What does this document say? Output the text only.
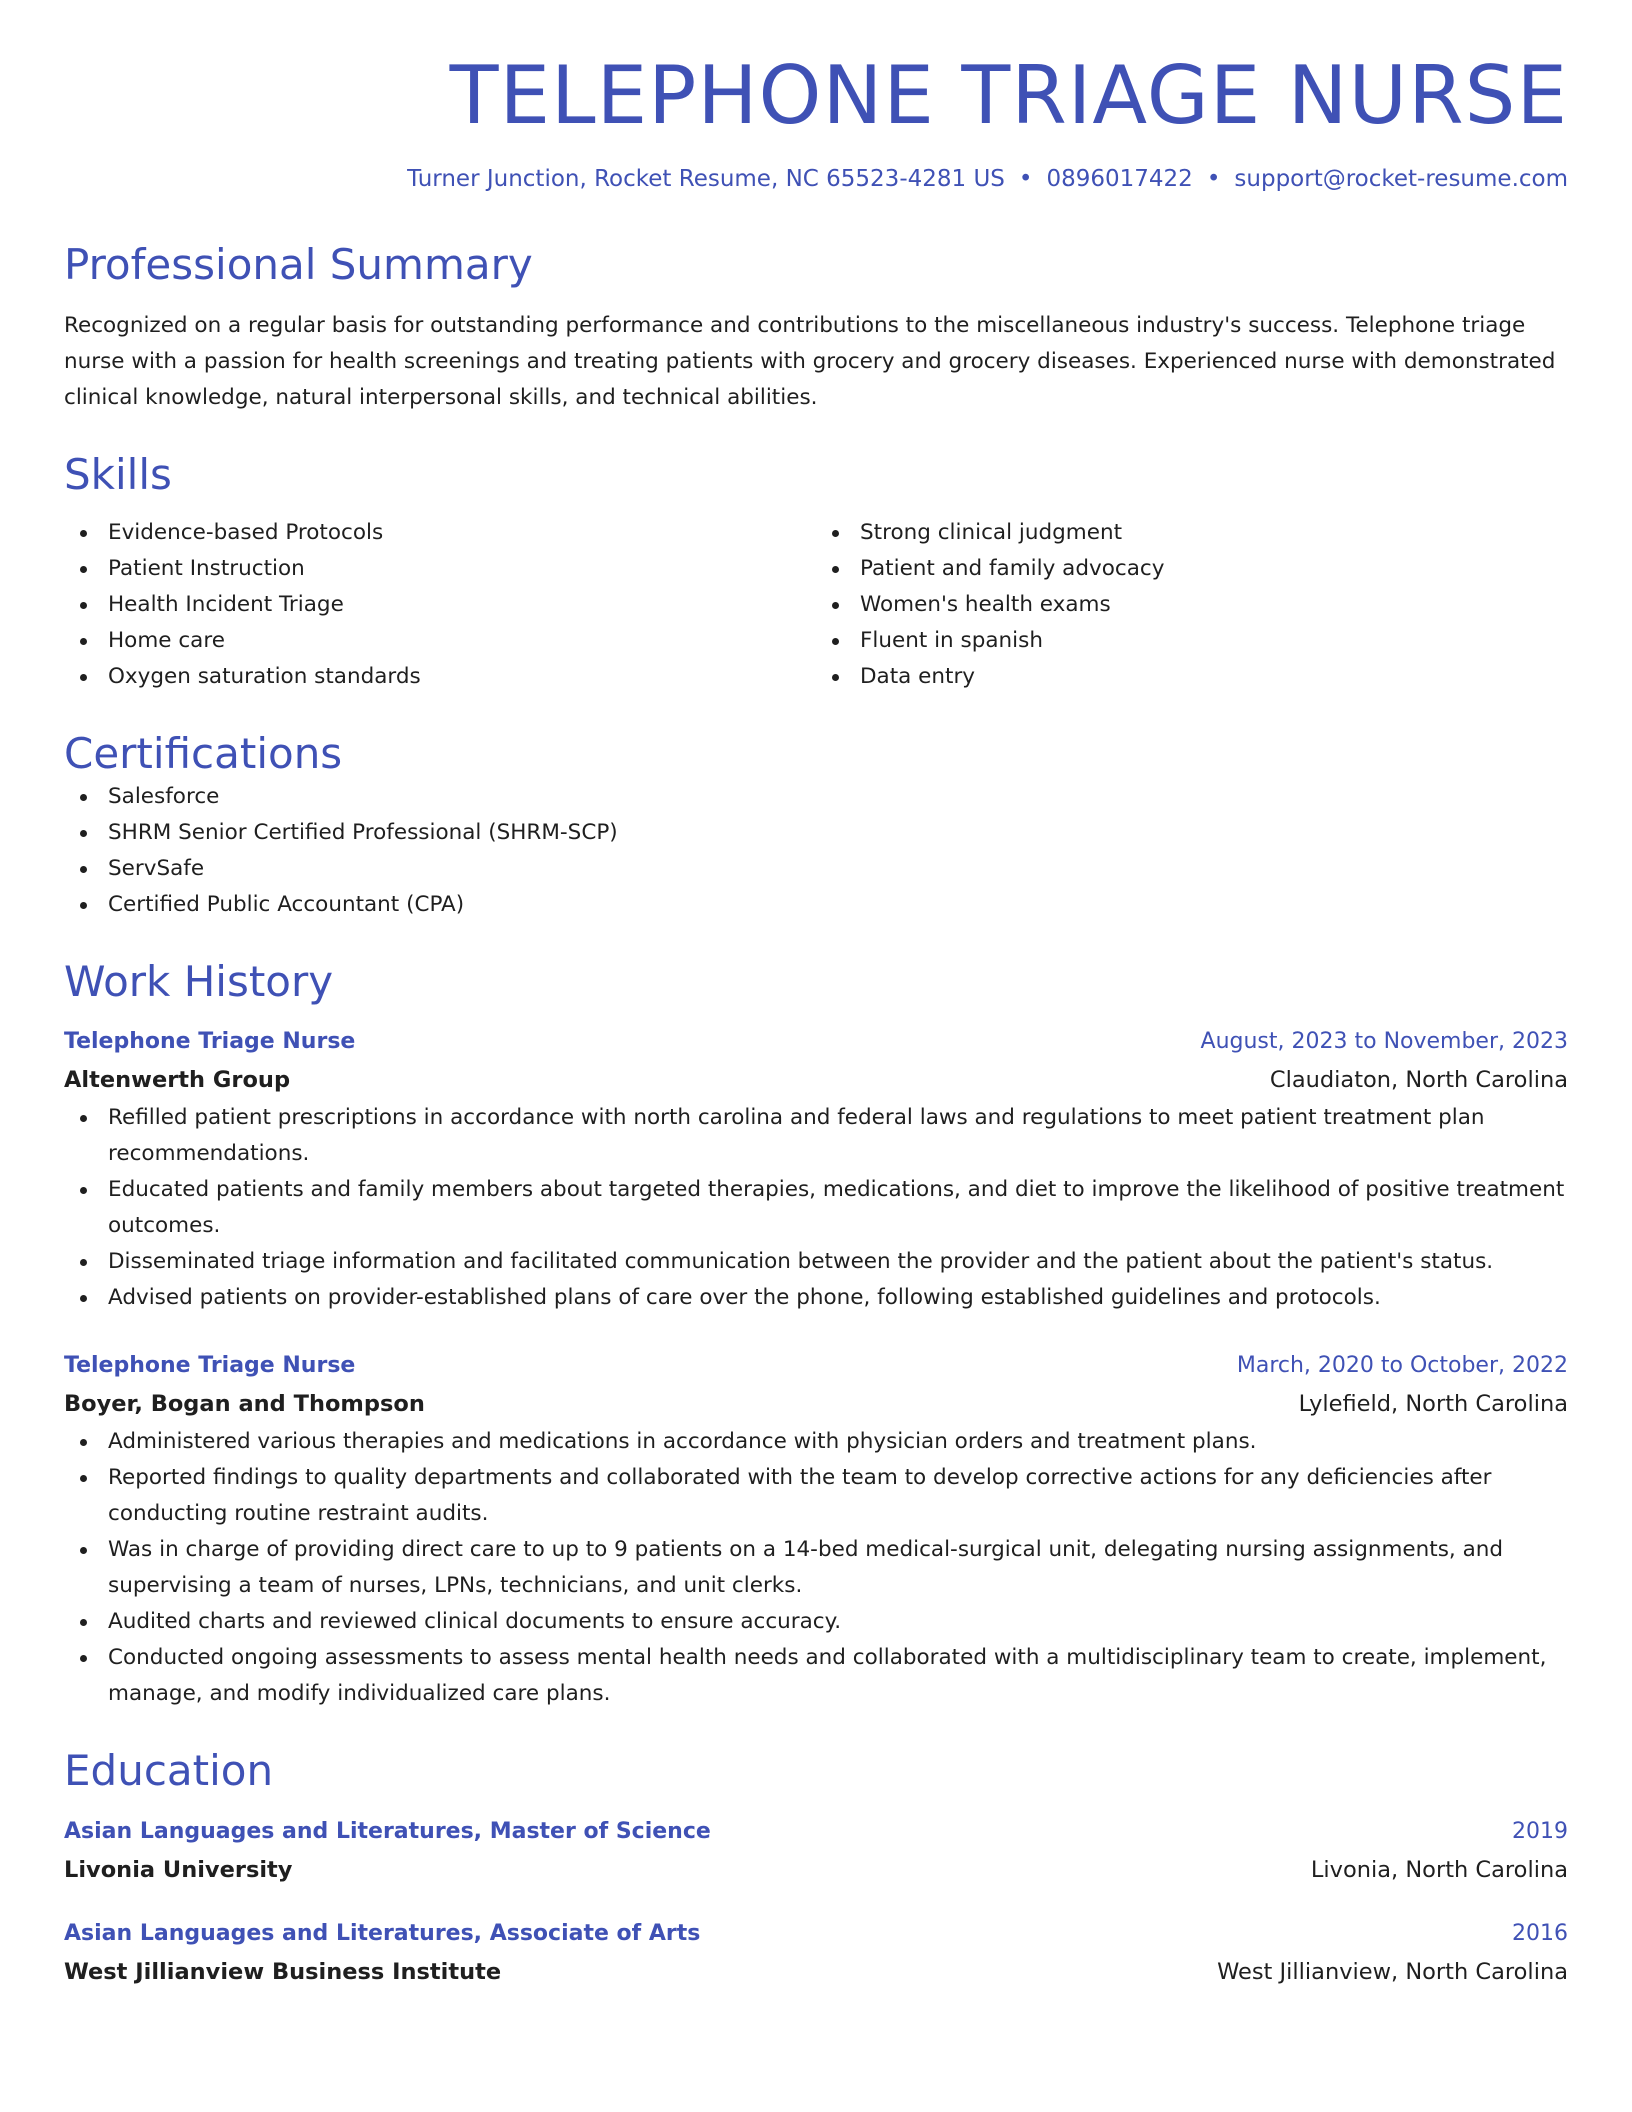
TELEPHONE TRIAGE NURSE
Turner Junction, Rocket Resume, NC 65523-4281 US • 0896017422 • support@rocket-resume.com
Professional Summary
Recognized on a regular basis for outstanding performance and contributions to the miscellaneous industry's success. Telephone triage nurse with a passion for health screenings and treating patients with grocery and grocery diseases. Experienced nurse with demonstrated clinical knowledge, natural interpersonal skills, and technical abilities.
Skills
Evidence-based Protocols
Patient Instruction
Health Incident Triage
Home care
Oxygen saturation standards
Strong clinical judgment
Patient and family advocacy
Women's health exams
Fluent in spanish
Data entry
Certifications
Salesforce
SHRM Senior Certified Professional (SHRM-SCP)
ServSafe
Certified Public Accountant (CPA)
Work History
Telephone Triage Nurse	August, 2023 to November, 2023
Altenwerth Group	Claudiaton, North Carolina
Refilled patient prescriptions in accordance with north carolina and federal laws and regulations to meet patient treatment plan recommendations.
Educated patients and family members about targeted therapies, medications, and diet to improve the likelihood of positive treatment outcomes.
Disseminated triage information and facilitated communication between the provider and the patient about the patient's status.
Advised patients on provider-established plans of care over the phone, following established guidelines and protocols.
Telephone Triage Nurse	March, 2020 to October, 2022
Boyer, Bogan and Thompson	Lylefield, North Carolina
Administered various therapies and medications in accordance with physician orders and treatment plans.
Reported findings to quality departments and collaborated with the team to develop corrective actions for any deficiencies after conducting routine restraint audits.
Was in charge of providing direct care to up to 9 patients on a 14-bed medical-surgical unit, delegating nursing assignments, and supervising a team of nurses, LPNs, technicians, and unit clerks.
Audited charts and reviewed clinical documents to ensure accuracy.
Conducted ongoing assessments to assess mental health needs and collaborated with a multidisciplinary team to create, implement, manage, and modify individualized care plans.
Education
Asian Languages and Literatures, Master of Science	2019
Livonia University	Livonia, North Carolina
Asian Languages and Literatures, Associate of Arts	2016
West Jillianview Business Institute	West Jillianview, North Carolina
